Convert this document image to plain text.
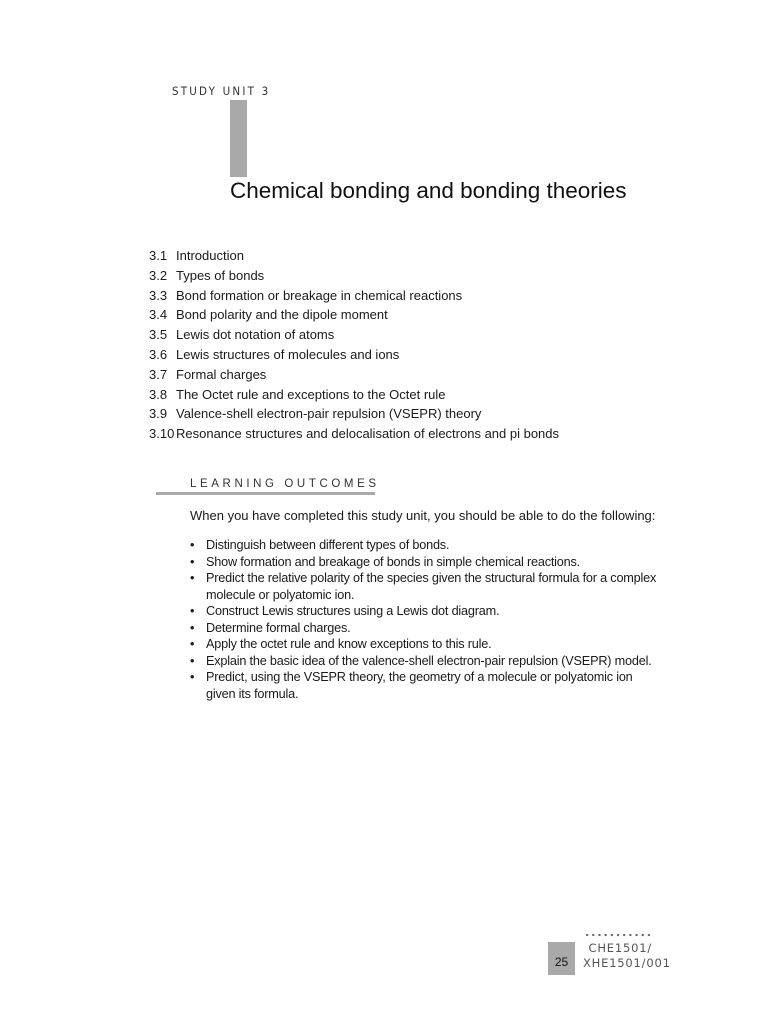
STUDY UNIT 3
Chemical bonding and bonding theories
3.1 Introduction
3.2 Types of bonds
3.3 Bond formation or breakage in chemical reactions
3.4 Bond polarity and the dipole moment
3.5 Lewis dot notation of atoms
3.6 Lewis structures of molecules and ions
3.7 Formal charges
3.8 The Octet rule and exceptions to the Octet rule
3.9 Valence-shell electron-pair repulsion (VSEPR) theory
3.10 Resonance structures and delocalisation of electrons and pi bonds
LEARNING OUTCOMES
When you have completed this study unit, you should be able to do the following:
• Distinguish between different types of bonds.
• Show formation and breakage of bonds in simple chemical reactions.
• Predict the relative polarity of the species given the structural formula for a complex molecule or polyatomic ion.
• Construct Lewis structures using a Lewis dot diagram.
• Determine formal charges.
• Apply the octet rule and know exceptions to this rule.
• Explain the basic idea of the valence-shell electron-pair repulsion (VSEPR) model.
• Predict, using the VSEPR theory, the geometry of a molecule or polyatomic ion given its formula.
CHE1501/
XHE1501/001
25
